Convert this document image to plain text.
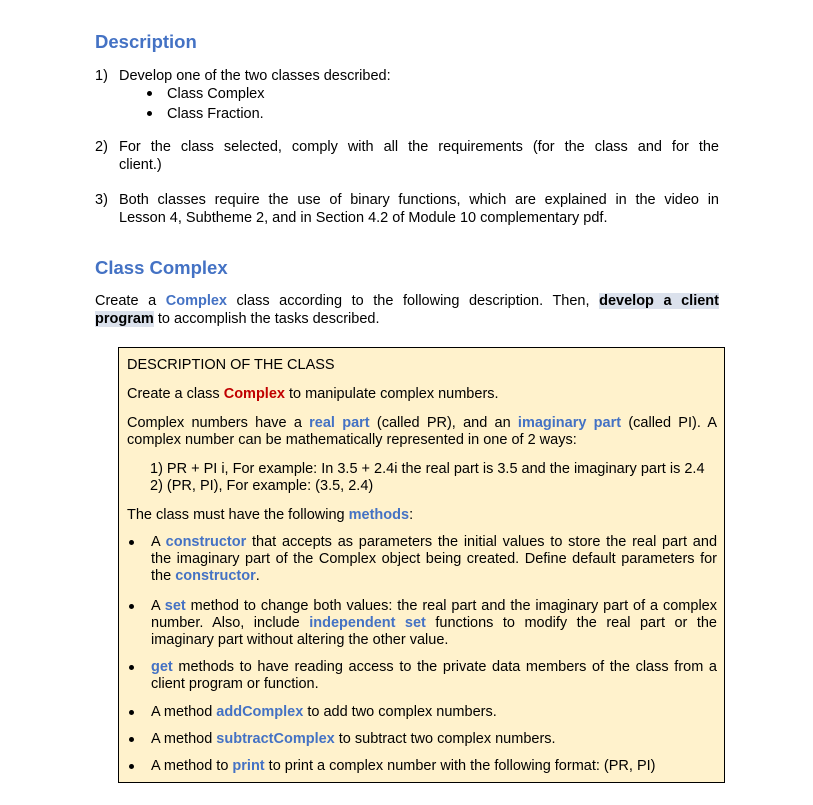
Description
1) Develop one of the two classes described:
Class Complex
Class Fraction.
2) For the class selected, comply with all the requirements (for the class and for the
client.)
3) Both classes require the use of binary functions, which are explained in the video in
Lesson 4, Subtheme 2, and in Section 4.2 of Module 10 complementary pdf.
Class Complex
Create a Complex class according to the following description. Then, develop a client
program to accomplish the tasks described.
DESCRIPTION OF THE CLASS
Create a class Complex to manipulate complex numbers.
Complex numbers have a real part (called PR), and an imaginary part (called PI). A
complex number can be mathematically represented in one of 2 ways:
1) PR + PI i, For example: In 3.5 + 2.4i the real part is 3.5 and the imaginary part is 2.4
2) (PR, PI), For example: (3.5, 2.4)
The class must have the following methods:
A constructor that accepts as parameters the initial values to store the real part and
the imaginary part of the Complex object being created. Define default parameters for
the constructor.
A set method to change both values: the real part and the imaginary part of a complex
number. Also, include independent set functions to modify the real part or the
imaginary part without altering the other value.
get methods to have reading access to the private data members of the class from a
client program or function.
A method addComplex to add two complex numbers.
A method subtractComplex to subtract two complex numbers.
A method to print to print a complex number with the following format: (PR, PI)
